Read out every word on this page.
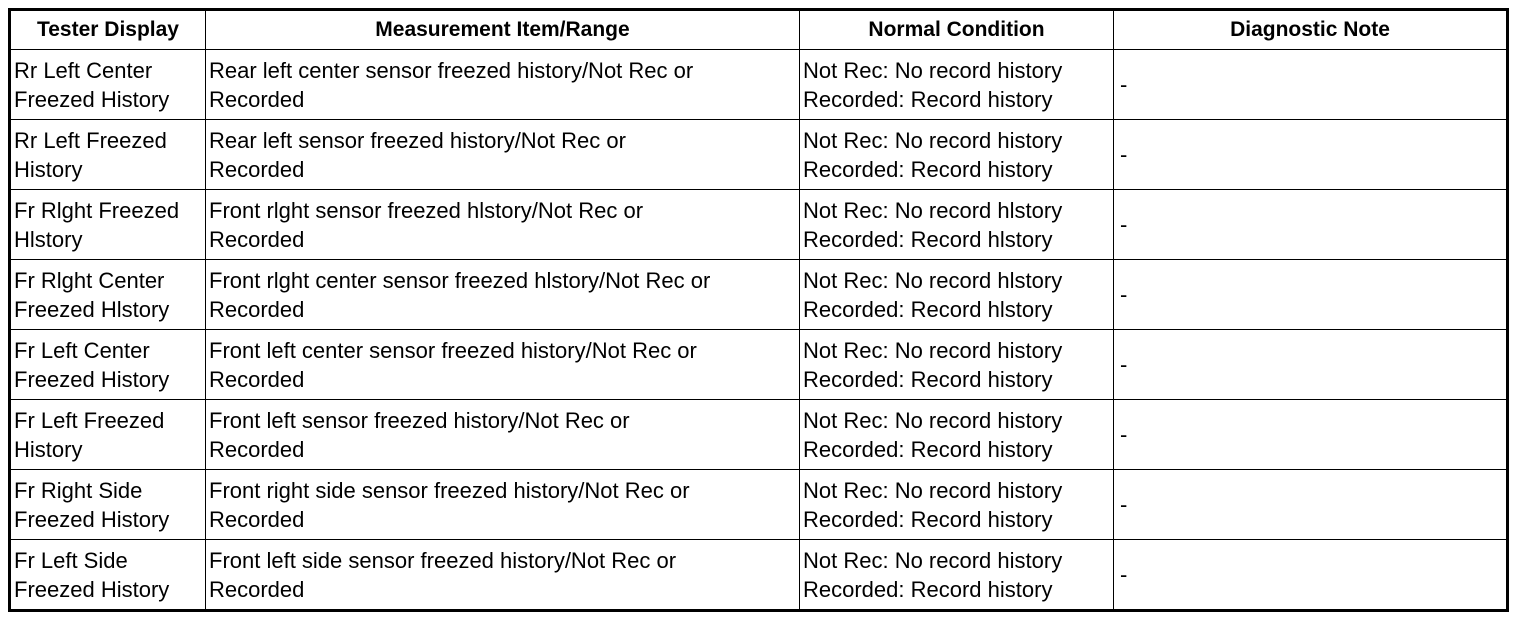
Tester Display	Measurement Item/Range	Normal Condition	Diagnostic Note

Rr Left Center
Freezed History	Rear left center sensor freezed history/Not Rec or
Recorded	Not Rec: No record history
Recorded: Record history	-

Rr Left Freezed
History	Rear left sensor freezed history/Not Rec or
Recorded	Not Rec: No record history
Recorded: Record history	-

Fr Rlght Freezed
Hlstory	Front rlght sensor freezed hlstory/Not Rec or
Recorded	Not Rec: No record hlstory
Recorded: Record hlstory	-

Fr Rlght Center
Freezed Hlstory	Front rlght center sensor freezed hlstory/Not Rec or
Recorded	Not Rec: No record hlstory
Recorded: Record hlstory	-

Fr Left Center
Freezed History	Front left center sensor freezed history/Not Rec or
Recorded	Not Rec: No record history
Recorded: Record history	-

Fr Left Freezed
History	Front left sensor freezed history/Not Rec or
Recorded	Not Rec: No record history
Recorded: Record history	-

Fr Right Side
Freezed History	Front right side sensor freezed history/Not Rec or
Recorded	Not Rec: No record history
Recorded: Record history	-

Fr Left Side
Freezed History	Front left side sensor freezed history/Not Rec or
Recorded	Not Rec: No record history
Recorded: Record history	-
